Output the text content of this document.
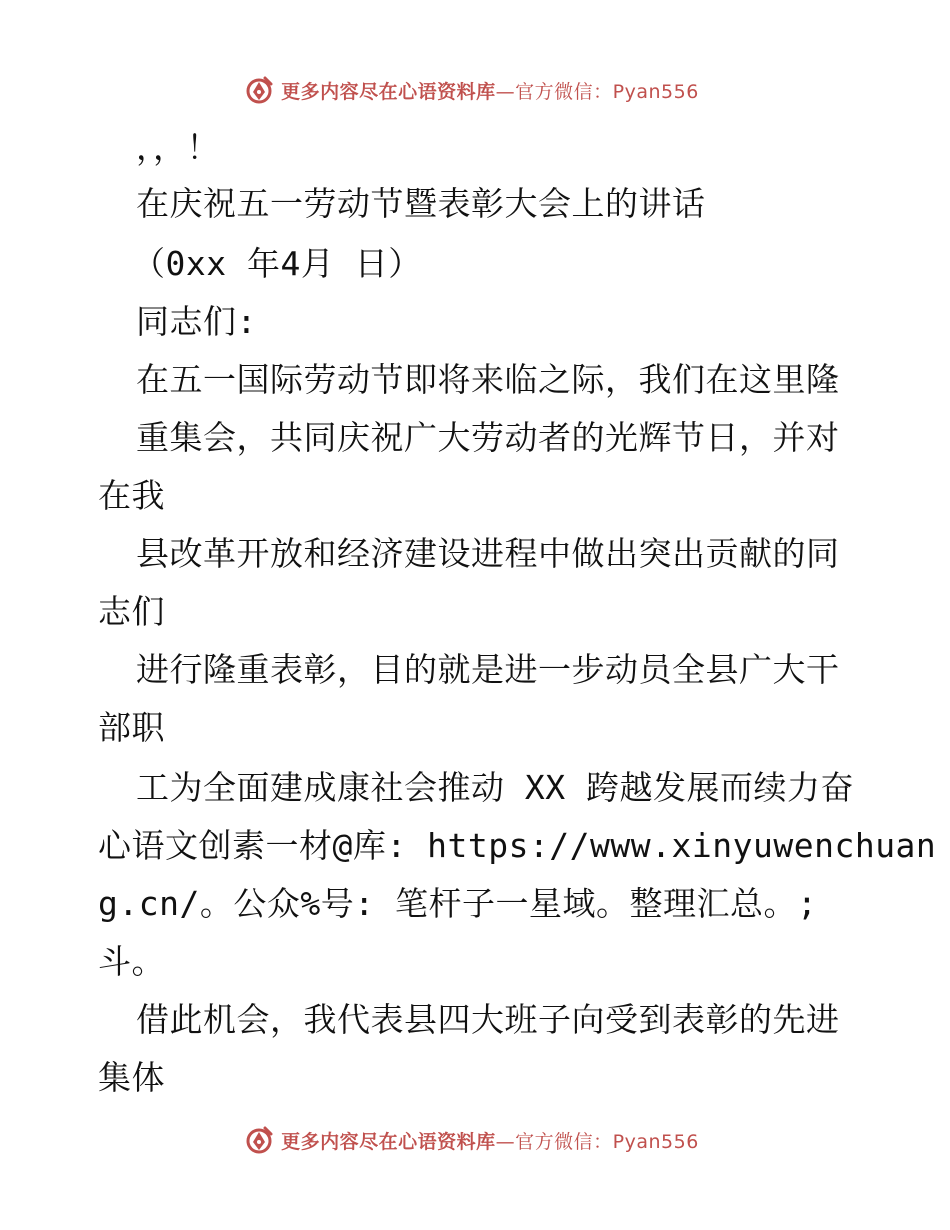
更多内容尽在心语资料库—官方微信：Pyan556
，，！
在庆祝五一劳动节暨表彰大会上的讲话
（0xx 年4月 日）
同志们:
在五一国际劳动节即将来临之际，我们在这里隆
重集会，共同庆祝广大劳动者的光辉节日，并对
在我
县改革开放和经济建设进程中做出突出贡献的同
志们
进行隆重表彰，目的就是进一步动员全县广大干
部职
工为全面建成康社会推动 XX 跨越发展而续力奋
心语文创素一材@库: https://www.xinyuwenchuan
g.cn/。公众%号: 笔杆子一星域。整理汇总。;
斗。
借此机会，我代表县四大班子向受到表彰的先进
集体
更多内容尽在心语资料库—官方微信：Pyan556
